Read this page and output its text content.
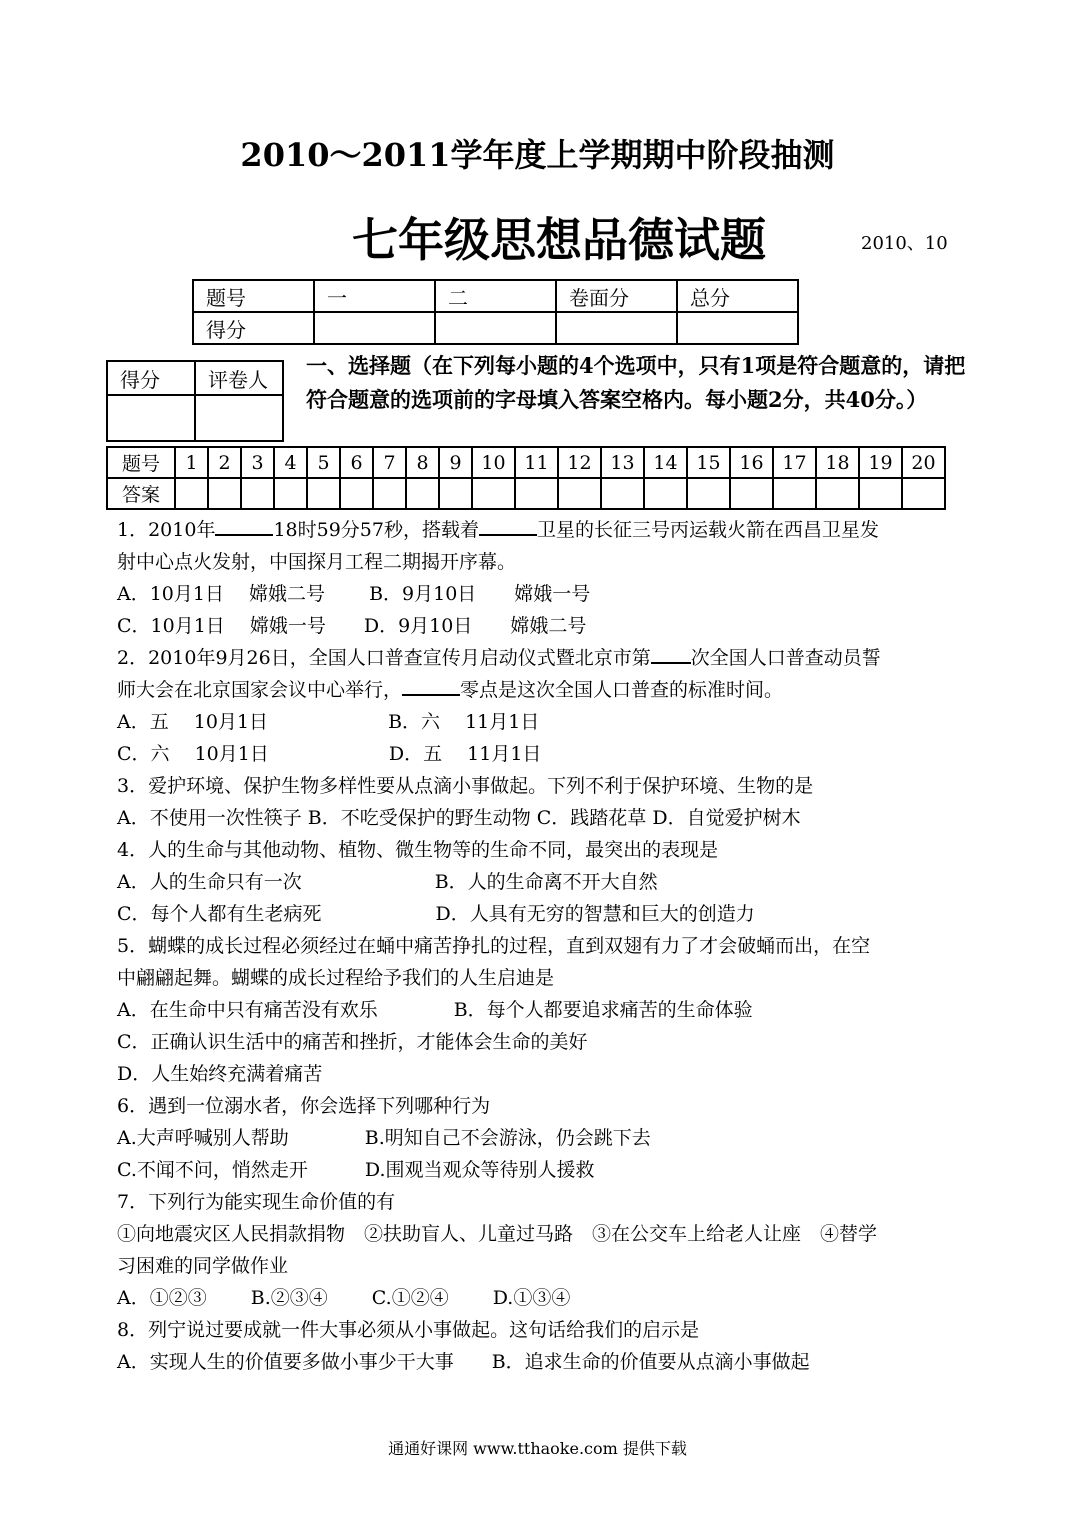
2010～2011学年度上学期期中阶段抽测
七年级思想品德试题	2010、10
题号	一	二	卷面分	总分
得分				
得分	评卷人

一、选择题（在下列每小题的4个选项中，只有1项是符合题意的，请把符合题意的选项前的字母填入答案空格内。每小题2分，共40分。）
题号	1	2	3	4	5	6	7	8	9	10	11	12	13	14	15	16	17	18	19	20
答案																				
1．2010年	18时59分57秒，搭载着	卫星的长征三号丙运载火箭在西昌卫星发
射中心点火发射，中国探月工程二期揭开序幕。
A．10月1日　 嫦娥二号　　 B．9月10日　　嫦娥一号
C．10月1日　 嫦娥一号　　D．9月10日　　嫦娥二号
2．2010年9月26日，全国人口普查宣传月启动仪式暨北京市第 次全国人口普查动员誓
师大会在北京国家会议中心举行，	零点是这次全国人口普查的标准时间。
A．五　 10月1日　　　　　　 B．六　 11月1日
C．六　 10月1日　　　　　　 D．五　 11月1日
3．爱护环境、保护生物多样性要从点滴小事做起。下列不利于保护环境、生物的是
A．不使用一次性筷子 B．不吃受保护的野生动物 C．践踏花草 D．自觉爱护树木
4．人的生命与其他动物、植物、微生物等的生命不同，最突出的表现是
A．人的生命只有一次　　　　　　　B．人的生命离不开大自然
C．每个人都有生老病死　　　　　　D．人具有无穷的智慧和巨大的创造力
5．蝴蝶的成长过程必须经过在蛹中痛苦挣扎的过程，直到双翅有力了才会破蛹而出，在空
中翩翩起舞。蝴蝶的成长过程给予我们的人生启迪是
A．在生命中只有痛苦没有欢乐　　　　B．每个人都要追求痛苦的生命体验
C．正确认识生活中的痛苦和挫折，才能体会生命的美好
D．人生始终充满着痛苦
6．遇到一位溺水者，你会选择下列哪种行为
A.大声呼喊别人帮助　　　　B.明知自己不会游泳，仍会跳下去
C.不闻不问，悄然走开　　　D.围观当观众等待别人援救
7．下列行为能实现生命价值的有
①向地震灾区人民捐款捐物　②扶助盲人、儿童过马路　③在公交车上给老人让座　④替学
习困难的同学做作业
A．①②③　　 B.②③④　　 C.①②④　　 D.①③④
8．列宁说过要成就一件大事必须从小事做起。这句话给我们的启示是
A．实现人生的价值要多做小事少干大事　　B．追求生命的价值要从点滴小事做起
通通好课网 www.tthaoke.com 提供下载
